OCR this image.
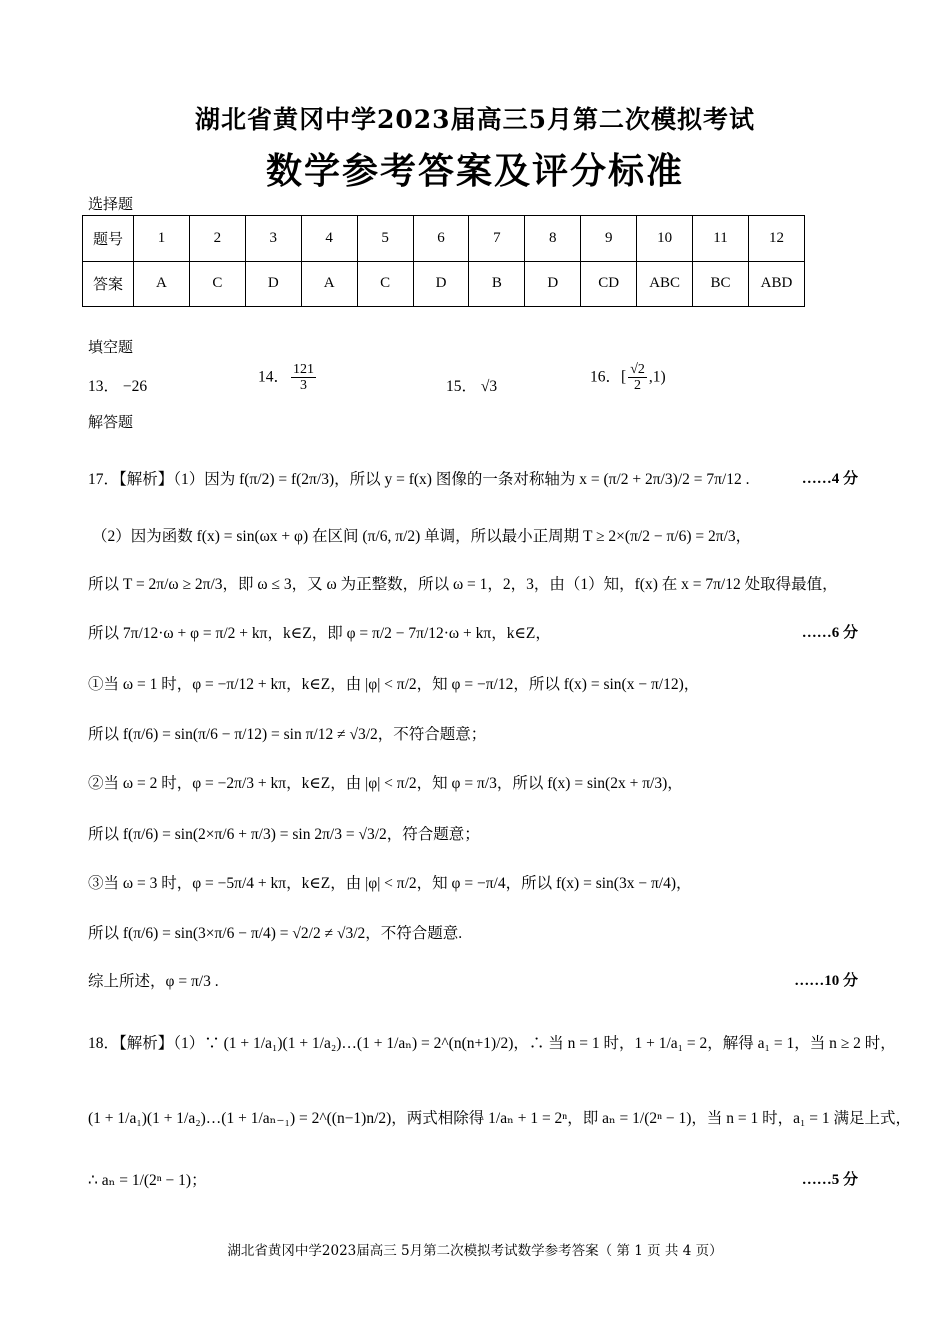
湖北省黄冈中学2023届高三5月第二次模拟考试
数学参考答案及评分标准
选择题
题号	1	2	3	4	5	6	7	8	9	10	11	12
答案	A	C	D	A	C	D	B	D	CD	ABC	BC	ABD
填空题
13． −26
14． $\frac{121}{3}$	15． √3
16．[ $\frac{√2}{2} ,1$)
解答题
17．【解析】（1）因为 f(π/2) = f(2π/3)，所以 y = f(x) 图像的一条对称轴为 x = (π/2 + 2π/3)/2 = 7π/12 .	……4 分
（2）因为函数 f(x) = sin(ωx + φ) 在区间 (π/6, π/2) 单调，所以最小正周期 T ≥ 2×(π/2 − π/6) = 2π/3，
所以 T = 2π/ω ≥ 2π/3，即 ω ≤ 3，又 ω 为正整数，所以 ω = 1，2，3，由（1）知，f(x) 在 x = 7π/12 处取得最值，
所以 7π/12·ω + φ = π/2 + kπ，k∈Z，即 φ = π/2 − 7π/12·ω + kπ，k∈Z，	……6 分
①当 ω = 1 时，φ = −π/12 + kπ，k∈Z，由 |φ| < π/2，知 φ = −π/12，所以 f(x) = sin(x − π/12)，
所以 f(π/6) = sin(π/6 − π/12) = sin π/12 ≠ √3/2，不符合题意；
②当 ω = 2 时，φ = −2π/3 + kπ，k∈Z，由 |φ| < π/2，知 φ = π/3，所以 f(x) = sin(2x + π/3)，
所以 f(π/6) = sin(2×π/6 + π/3) = sin 2π/3 = √3/2，符合题意；
③当 ω = 3 时，φ = −5π/4 + kπ，k∈Z，由 |φ| < π/2，知 φ = −π/4，所以 f(x) = sin(3x − π/4)，
所以 f(π/6) = sin(3×π/6 − π/4) = √2/2 ≠ √3/2，不符合题意.
综上所述，φ = π/3 .	……10 分
18．【解析】（1）∵ (1 + 1/a₁)(1 + 1/a₂)…(1 + 1/aₙ) = 2^(n(n+1)/2)，∴ 当 n = 1 时，1 + 1/a₁ = 2，解得 a₁ = 1，当 n ≥ 2 时，
(1 + 1/a₁)(1 + 1/a₂)…(1 + 1/aₙ₋₁) = 2^((n−1)n/2)，两式相除得 1/aₙ + 1 = 2ⁿ，即 aₙ = 1/(2ⁿ − 1)，当 n = 1 时，a₁ = 1 满足上式，
∴ aₙ = 1/(2ⁿ − 1)；	……5 分
湖北省黄冈中学2023届高三 5月第二次模拟考试数学参考答案（ 第 1 页 共 4 页）
